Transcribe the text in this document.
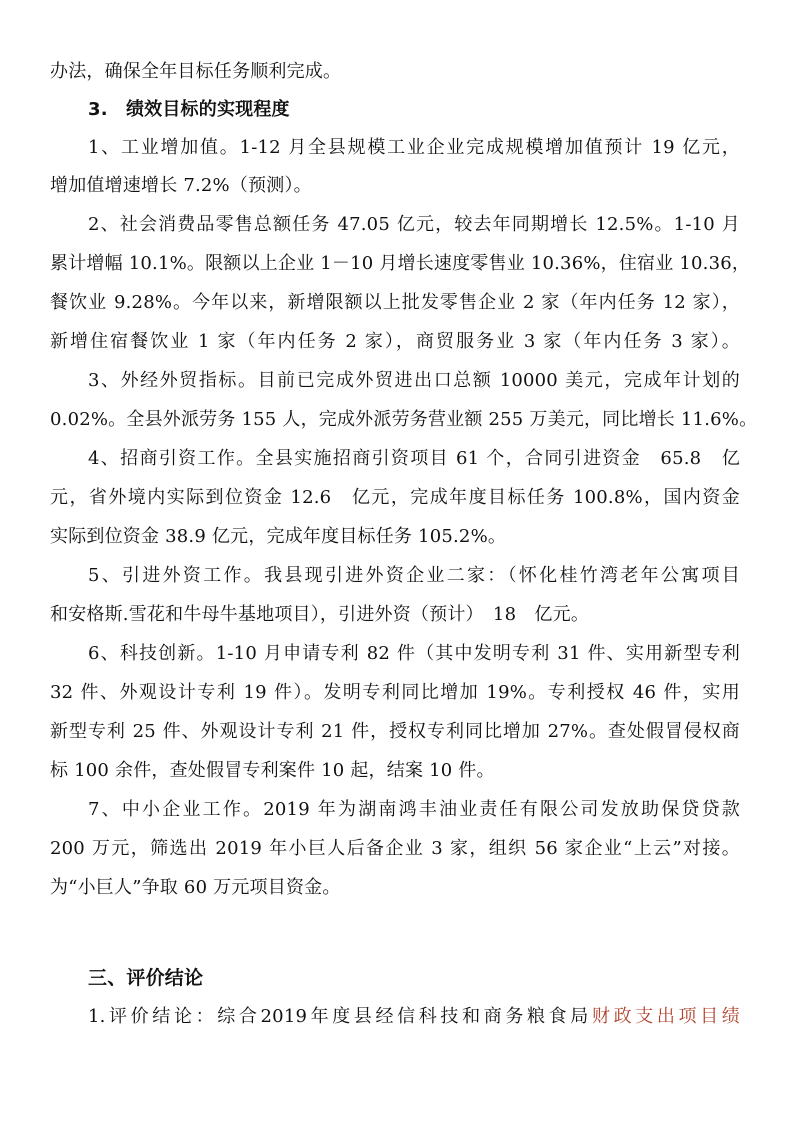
办法，确保全年目标任务顺利完成。
3.　绩效目标的实现程度
1、工业增加值。1-12 月全县规模工业企业完成规模增加值预计 19 亿元，
增加值增速增长 7.2%（预测）。
2、社会消费品零售总额任务 47.05 亿元，较去年同期增长 12.5%。1-10 月
累计增幅 10.1%。限额以上企业 1－10 月增长速度零售业 10.36%，住宿业 10.36，
餐饮业 9.28%。今年以来，新增限额以上批发零售企业 2 家（年内任务 12 家），
新增住宿餐饮业 1 家（年内任务 2 家），商贸服务业 3 家（年内任务 3 家）。
3、外经外贸指标。目前已完成外贸进出口总额 10000 美元，完成年计划的
0.02%。全县外派劳务 155 人，完成外派劳务营业额 255 万美元，同比增长 11.6%。
4、招商引资工作。全县实施招商引资项目 61 个，合同引进资金　65.8　亿
元，省外境内实际到位资金 12.6　亿元，完成年度目标任务 100.8%，国内资金
实际到位资金 38.9 亿元，完成年度目标任务 105.2%。
5、引进外资工作。我县现引进外资企业二家：（怀化桂竹湾老年公寓项目
和安格斯.雪花和牛母牛基地项目），引进外资（预计）　18　亿元。
6、科技创新。1-10 月申请专利 82 件（其中发明专利 31 件、实用新型专利
32 件、外观设计专利 19 件）。发明专利同比增加 19%。专利授权 46 件，实用
新型专利 25 件、外观设计专利 21 件，授权专利同比增加 27%。查处假冒侵权商
标 100 余件，查处假冒专利案件 10 起，结案 10 件。
7、中小企业工作。2019 年为湖南鸿丰油业责任有限公司发放助保贷贷款
200 万元，筛选出 2019 年小巨人后备企业 3 家，组织 56 家企业“上云”对接。
为“小巨人”争取 60 万元项目资金。
三、评价结论
1.评价结论：综合2019年度县经信科技和商务粮食局财政支出项目绩
